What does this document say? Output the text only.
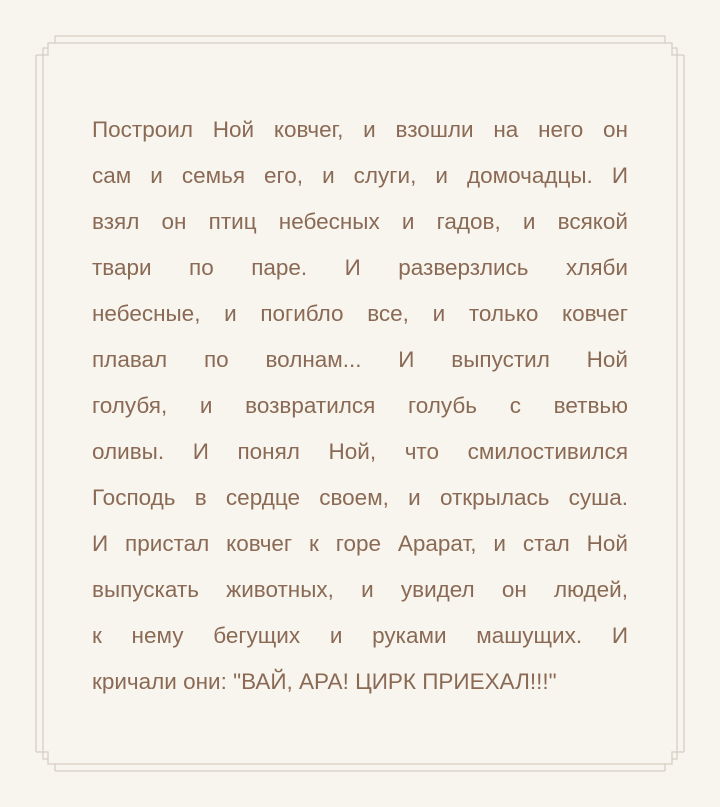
Построил Ной ковчег, и взошли на него он
сам и семья его, и слуги, и домочадцы. И
взял он птиц небесных и гадов, и всякой
твари по паре. И разверзлись хляби
небесные, и погибло все, и только ковчег
плавал по волнам... И выпустил Ной
голубя, и возвратился голубь с ветвью
оливы. И понял Ной, что смилостивился
Господь в сердце своем, и открылась суша.
И пристал ковчег к горе Арарат, и стал Ной
выпускать животных, и увидел он людей,
к нему бегущих и руками машущих. И
кричали они: "ВАЙ, АРА! ЦИРК ПРИЕХАЛ!!!"
